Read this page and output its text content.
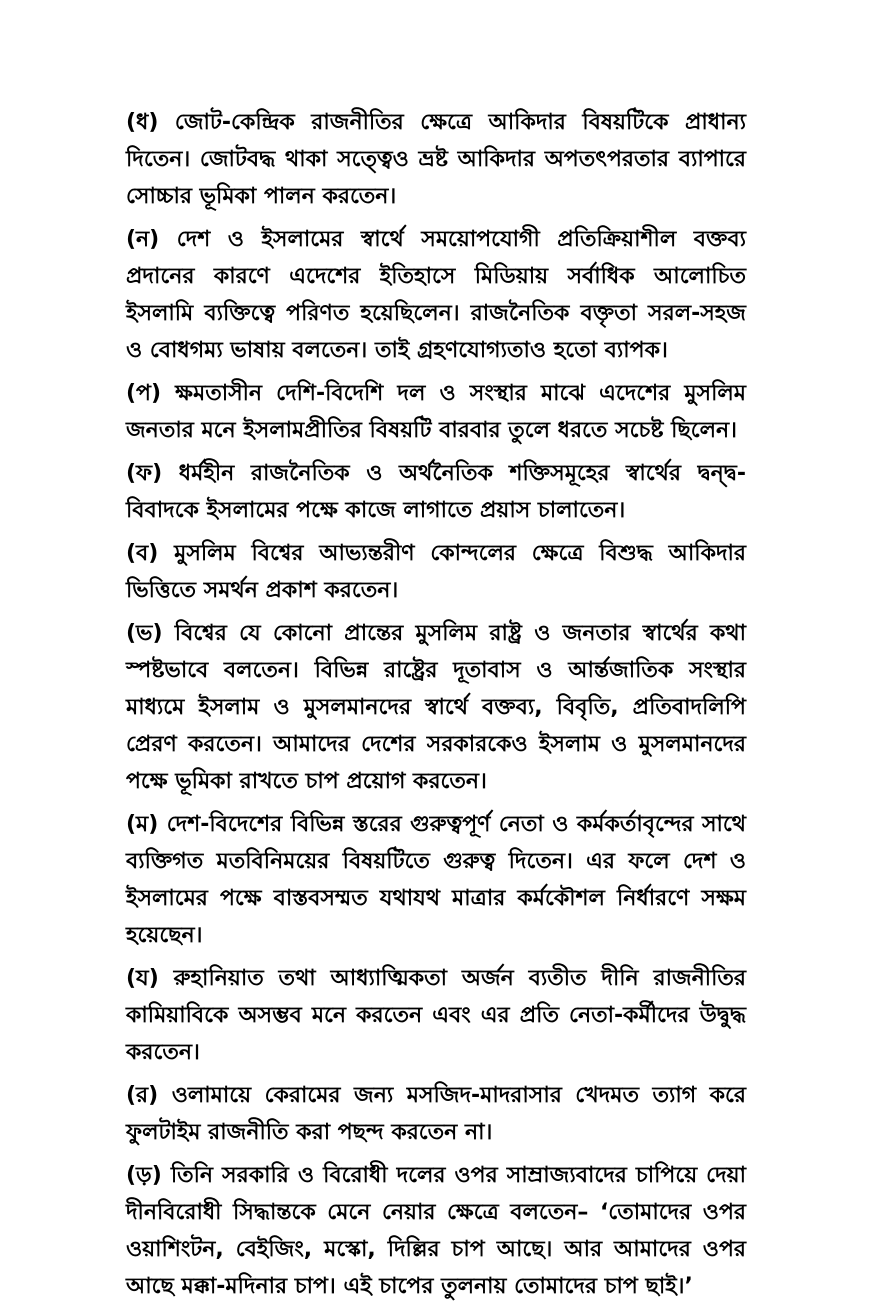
(ধ) জোট-কেন্দ্রিক রাজনীতির ক্ষেত্রে আকিদার বিষয়টিকে প্রাধান্য দিতেন। জোটবদ্ধ থাকা সত্ত্বেও ভ্রষ্ট আকিদার অপতৎপরতার ব্যাপারে সোচ্চার ভূমিকা পালন করতেন।

(ন) দেশ ও ইসলামের স্বার্থে সময়োপযোগী প্রতিক্রিয়াশীল বক্তব্য প্রদানের কারণে এদেশের ইতিহাসে মিডিয়ায় সর্বাধিক আলোচিত ইসলামি ব্যক্তিত্বে পরিণত হয়েছিলেন। রাজনৈতিক বক্তৃতা সরল-সহজ ও বোধগম্য ভাষায় বলতেন। তাই গ্রহণযোগ্যতাও হতো ব্যাপক।

(প) ক্ষমতাসীন দেশি-বিদেশি দল ও সংস্থার মাঝে এদেশের মুসলিম জনতার মনে ইসলামপ্রীতির বিষয়টি বারবার তুলে ধরতে সচেষ্ট ছিলেন।

(ফ) ধর্মহীন রাজনৈতিক ও অর্থনৈতিক শক্তিসমূহের স্বার্থের দ্বন্দ্ব-বিবাদকে ইসলামের পক্ষে কাজে লাগাতে প্রয়াস চালাতেন।

(ব) মুসলিম বিশ্বের আভ্যন্তরীণ কোন্দলের ক্ষেত্রে বিশুদ্ধ আকিদার ভিত্তিতে সমর্থন প্রকাশ করতেন।

(ভ) বিশ্বের যে কোনো প্রান্তের মুসলিম রাষ্ট্র ও জনতার স্বার্থের কথা স্পষ্টভাবে বলতেন। বিভিন্ন রাষ্ট্রের দূতাবাস ও আর্ন্তজাতিক সংস্থার মাধ্যমে ইসলাম ও মুসলমানদের স্বার্থে বক্তব্য, বিবৃতি, প্রতিবাদলিপি প্রেরণ করতেন। আমাদের দেশের সরকারকেও ইসলাম ও মুসলমানদের পক্ষে ভূমিকা রাখতে চাপ প্রয়োগ করতেন।

(ম) দেশ-বিদেশের বিভিন্ন স্তরের গুরুত্বপূর্ণ নেতা ও কর্মকর্তাবৃন্দের সাথে ব্যক্তিগত মতবিনিময়ের বিষয়টিতে গুরুত্ব দিতেন। এর ফলে দেশ ও ইসলামের পক্ষে বাস্তবসম্মত যথাযথ মাত্রার কর্মকৌশল নির্ধারণে সক্ষম হয়েছেন।

(য) রুহানিয়াত তথা আধ্যাত্মিকতা অর্জন ব্যতীত দীনি রাজনীতির কামিয়াবিকে অসম্ভব মনে করতেন এবং এর প্রতি নেতা-কর্মীদের উদ্বুদ্ধ করতেন।

(র) ওলামায়ে কেরামের জন্য মসজিদ-মাদরাসার খেদমত ত্যাগ করে ফুলটাইম রাজনীতি করা পছন্দ করতেন না।

(ড়) তিনি সরকারি ও বিরোধী দলের ওপর সাম্রাজ্যবাদের চাপিয়ে দেয়া দীনবিরোধী সিদ্ধান্তকে মেনে নেয়ার ক্ষেত্রে বলতেন– ‘তোমাদের ওপর ওয়াশিংটন, বেইজিং, মস্কো, দিল্লির চাপ আছে। আর আমাদের ওপর আছে মক্কা-মদিনার চাপ। এই চাপের তুলনায় তোমাদের চাপ ছাই।’
